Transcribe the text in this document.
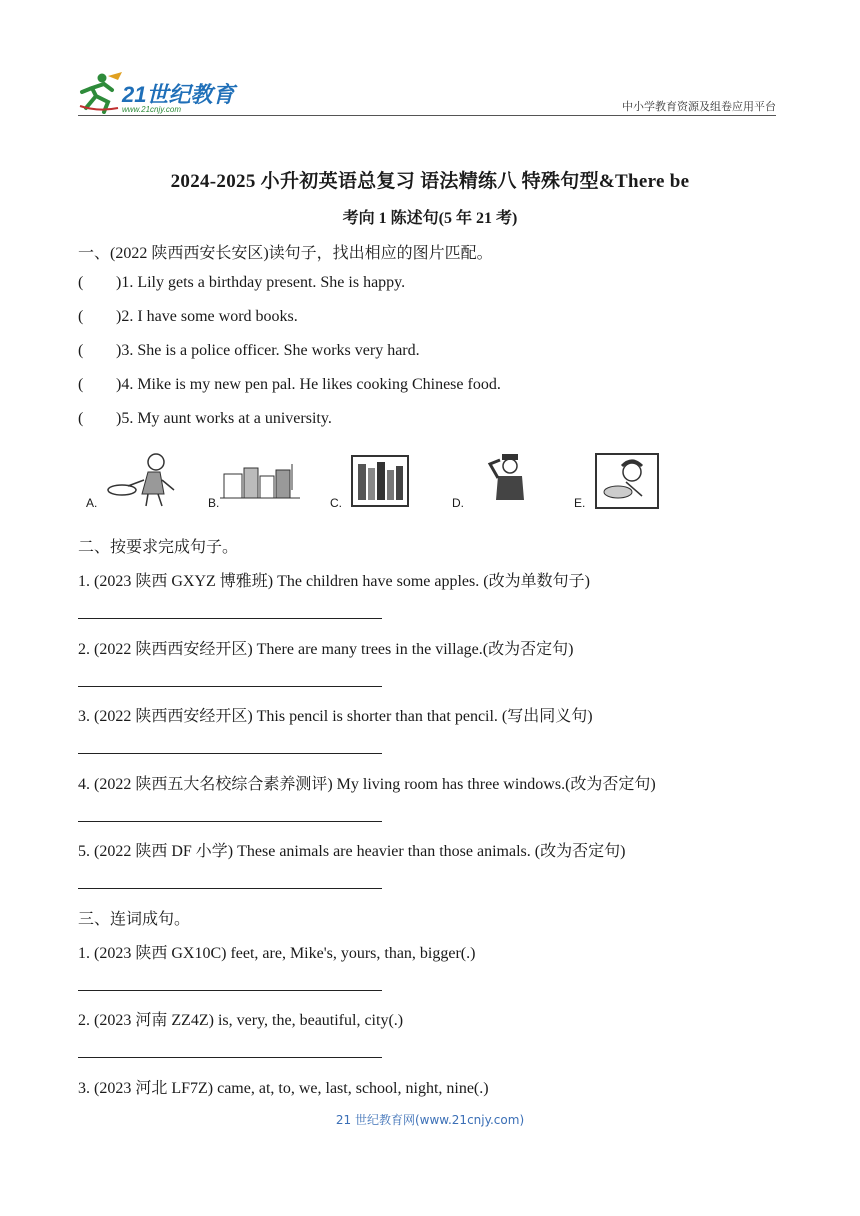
21世纪教育
www.21cnjy.com	中小学教育资源及组卷应用平台
2024-2025 小升初英语总复习 语法精练八 特殊句型&There be
考向 1 陈述句(5 年 21 考)
一、(2022 陕西西安长安区)读句子，找出相应的图片匹配。
( )1. Lily gets a birthday present. She is happy.
( )2. I have some word books.
( )3. She is a police officer. She works very hard.
( )4. Mike is my new pen pal. He likes cooking Chinese food.
( )5. My aunt works at a university.
A.	B.	C.	D.	E.
二、按要求完成句子。
1. (2023 陕西 GXYZ 博雅班) The children have some apples. (改为单数句子)
2. (2022 陕西西安经开区) There are many trees in the village.(改为否定句)
3. (2022 陕西西安经开区) This pencil is shorter than that pencil. (写出同义句)
4. (2022 陕西五大名校综合素养测评) My living room has three windows.(改为否定句)
5. (2022 陕西 DF 小学) These animals are heavier than those animals. (改为否定句)
三、连词成句。
1. (2023 陕西 GX10C) feet, are, Mike's, yours, than, bigger(.)
2. (2023 河南 ZZ4Z) is, very, the, beautiful, city(.)
3. (2023 河北 LF7Z) came, at, to, we, last, school, night, nine(.)
21 世纪教育网(www.21cnjy.com)
